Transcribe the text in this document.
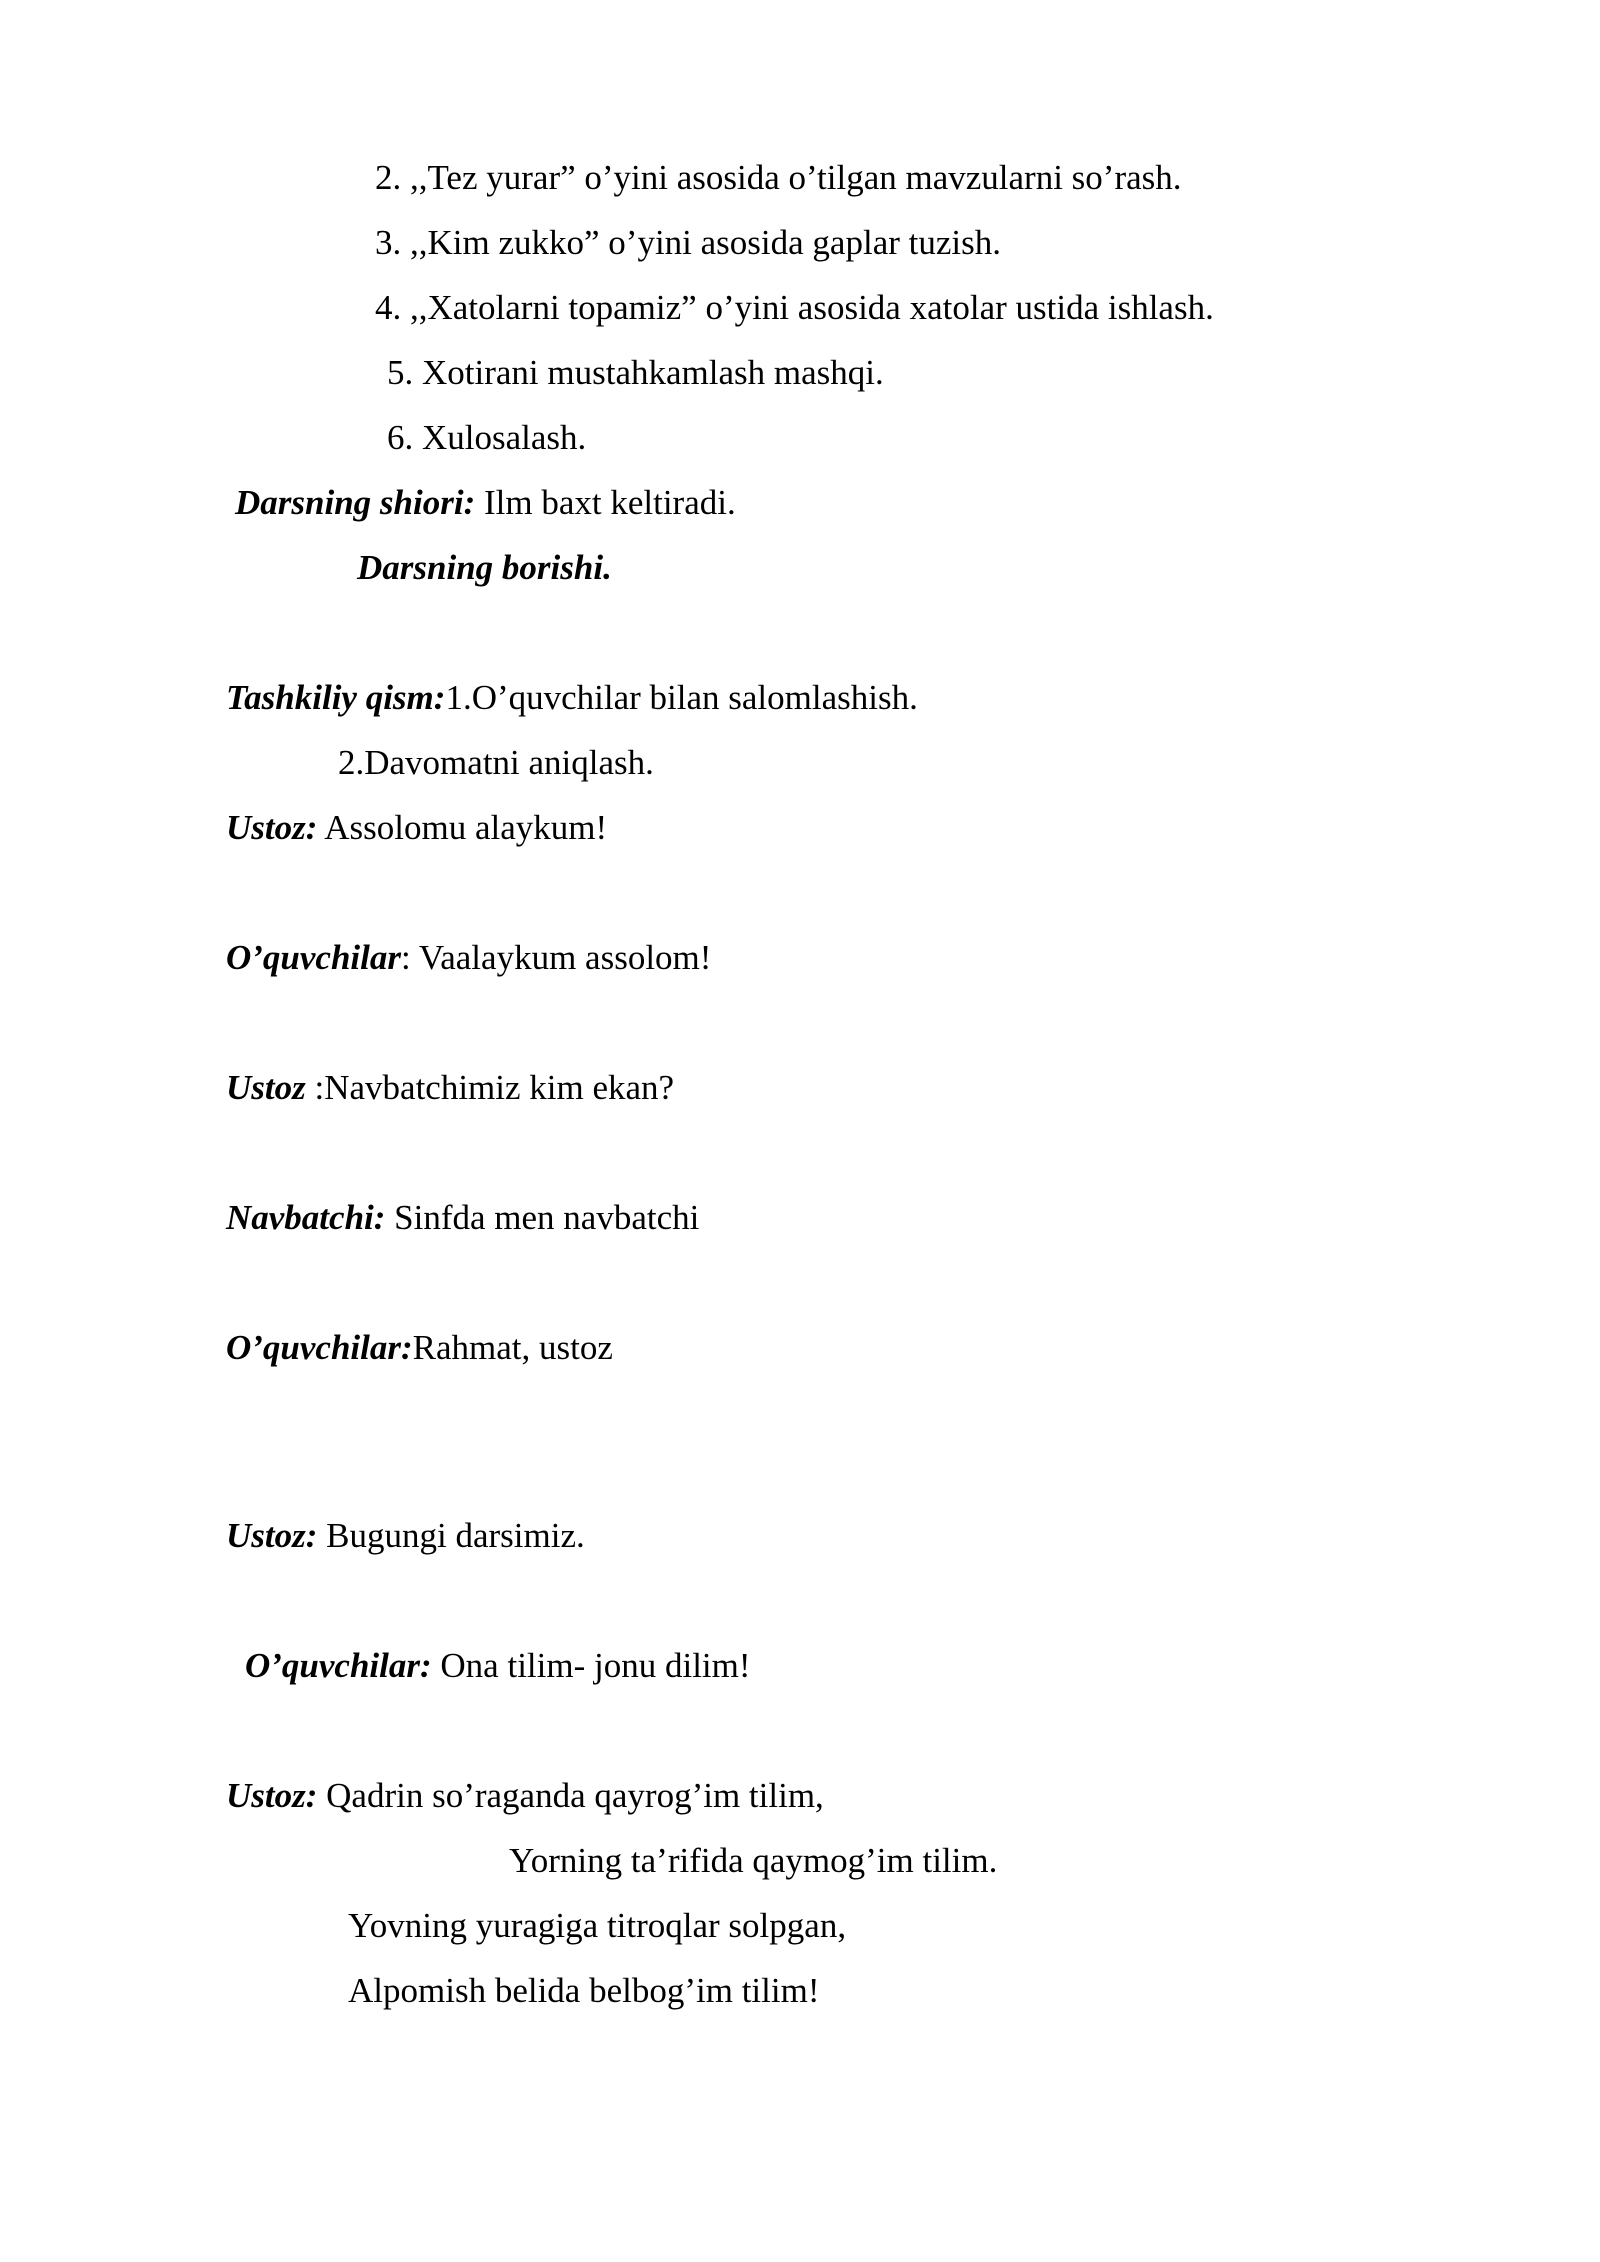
2. ,,Tez yurar” o’yini asosida o’tilgan mavzularni so’rash.
3. ,,Kim zukko” o’yini asosida gaplar tuzish.
4. ,,Xatolarni topamiz” o’yini asosida xatolar ustida ishlash.
5. Xotirani mustahkamlash mashqi.
6. Xulosalash.
Darsning shiori: Ilm baxt keltiradi.
Darsning borishi.
Tashkiliy qism:1.O’quvchilar bilan salomlashish.
2.Davomatni aniqlash.
Ustoz: Assolomu alaykum!
O’quvchilar: Vaalaykum assolom!
Ustoz :Navbatchimiz kim ekan?
Navbatchi: Sinfda men navbatchi
O’quvchilar:Rahmat, ustoz
Ustoz: Bugungi darsimiz.
O’quvchilar: Ona tilim- jonu dilim!
Ustoz: Qadrin so’raganda qayrog’im tilim,
Yorning ta’rifida qaymog’im tilim.
Yovning yuragiga titroqlar solpgan,
Alpomish belida belbog’im tilim!
